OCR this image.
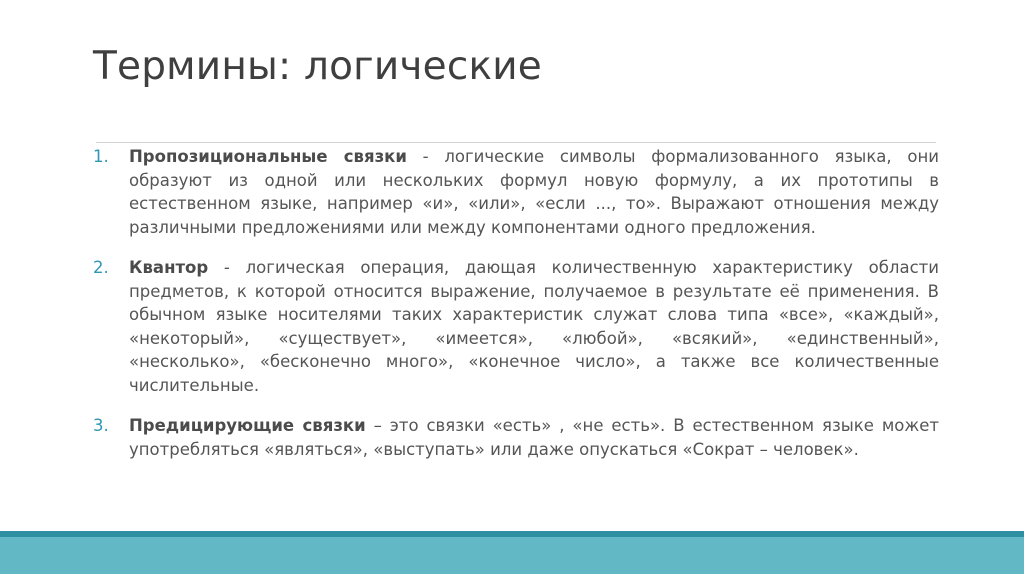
Термины: логические
1.	Пропозициональные связки - логические символы формализованного языка, они образуют из одной или нескольких формул новую формулу, а их прототипы в естественном языке, например «и», «или», «если ..., то». Выражают отношения между различными предложениями или между компонентами одного предложения.
2.	Квантор - логическая операция, дающая количественную характеристику области предметов, к которой относится выражение, получаемое в результате её применения. В обычном языке носителями таких характеристик служат слова типа «все», «каждый», «некоторый», «существует», «имеется», «любой», «всякий», «единственный», «несколько», «бесконечно много», «конечное число», а также все количественные числительные.
3.	Предицирующие связки – это связки «есть» , «не есть». В естественном языке может употребляться «являться», «выступать» или даже опускаться «Сократ – человек».
